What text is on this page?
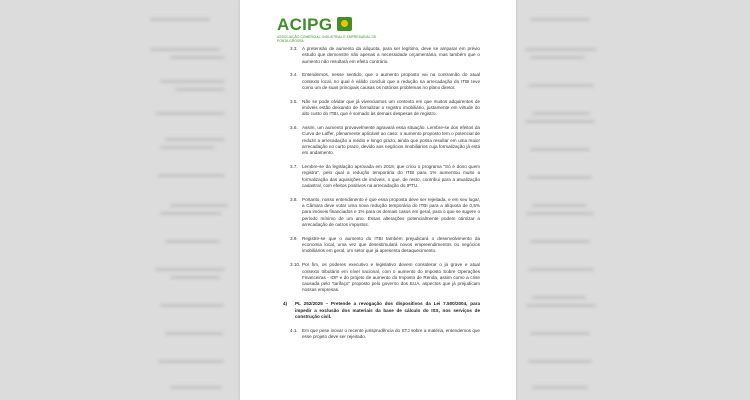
ACIPG
ASSOCIAÇÃO COMERCIAL, INDUSTRIAL E EMPRESARIAL DE PONTA GROSSA
3.3. A pretensão de aumento da alíquota, para ser legítimo, deve se amparar em prévio estudo que demonstre não apenas a necessidade orçamentária, mas também que o aumento não resultará em efeito contrário.
3.4. Entendemos, nesse sentido, que o aumento proposto vai na contramão do atual contexto local, no qual é válido concluir que a redução na arrecadação do ITBI teve como um de suas principais causas os notórios problemas no plano diretor.
3.5. Não se pode olvidar que já vivenciamos um contexto em que muitos adquirentes de imóveis estão deixando de formalizar o registro imobiliário, justamente em virtude do alto custo do ITBI, que é somado às demais despesas de registro.
3.6. Assim, um aumento provavelmente agravará essa situação. Lembre-se dos efeitos da Curva de Laffer, plenamente aplicável ao caso: o aumento proposto tem o potencial de reduzir a arrecadação a médio e longo prazo, ainda que possa resultar em uma maior arrecadação no curto prazo, devido aos negócios imobiliários cuja formalização já está em andamento.
3.7. Lembre-se da legislação aprovada em 2018, que criou o programa "Só é dono quem registra", pelo qual a redução temporária do ITBI para 1% aumentou muito a formalização das aquisições de imóveis, o que, de resto, contribui para a atualização cadastral, com efeitos positivos na arrecadação do IPTU.
3.8. Portanto, nosso entendimento é que essa proposta deve ser rejeitada, e em seu lugar, a Câmara deve votar uma nova redução temporária do ITBI para a alíquota de 0,5% para imóveis financiados e 1% para os demais casos em geral, para o que se sugere o período mínimo de um ano. Essas alterações potencialmente podem otimizar a arrecadação de outros impostos.
3.9. Registre-se que o aumento do ITBI também prejudicará o desenvolvimento da economia local, uma vez que desestimulará novos empreendimentos ou negócios imobiliários em geral, um setor que já apresenta desaquecimento.
3.10. Por fim, os poderes executivo e legislativo devem considerar o já grave e atual contexto tributário em nível nacional, com o aumento do Imposto Sobre Operações Financeiras - IOF e do projeto de aumento do Imposto de Renda, assim como a crise causada pelo "tarifaço" proposto pelo governo dos EUA, aspectos que já prejudicam nossas empresas.
4)	PL 252/2025 – Pretende a revogação dos dispositivos da Lei 7.500/2004, para impedir a exclusão dos materiais da base de cálculo do ISS, nos serviços de construção civil.
4.1. Em que pese inovar o recente jurisprudência do STJ sobre a matéria, entendemos que esse projeto deve ser rejeitado.
